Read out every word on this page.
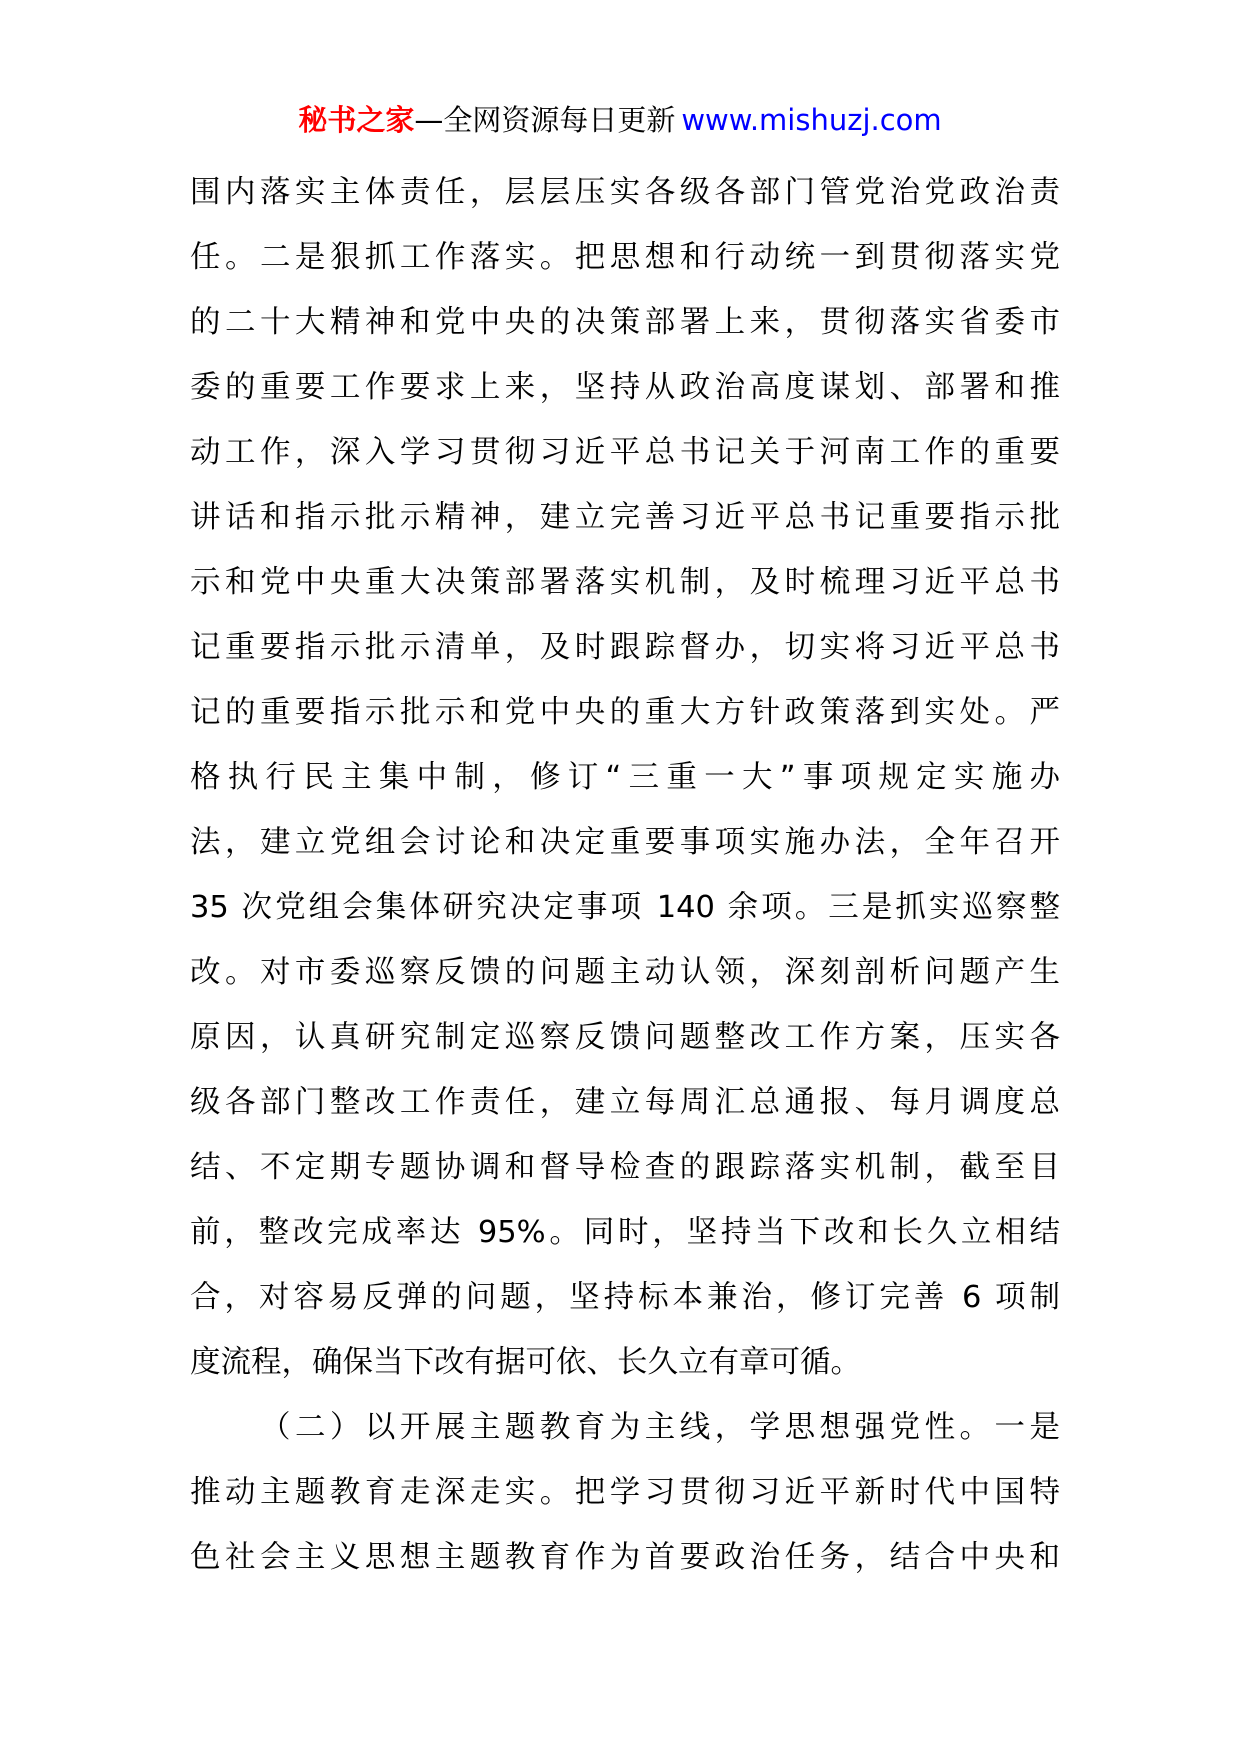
秘书之家—全网资源每日更新 www.mishuzj.com
围内落实主体责任，层层压实各级各部门管党治党政治责
任。二是狠抓工作落实。把思想和行动统一到贯彻落实党
的二十大精神和党中央的决策部署上来，贯彻落实省委市
委的重要工作要求上来，坚持从政治高度谋划、部署和推
动工作，深入学习贯彻习近平总书记关于河南工作的重要
讲话和指示批示精神，建立完善习近平总书记重要指示批
示和党中央重大决策部署落实机制，及时梳理习近平总书
记重要指示批示清单，及时跟踪督办，切实将习近平总书
记的重要指示批示和党中央的重大方针政策落到实处。严
格执行民主集中制，修订“三重一大”事项规定实施办
法，建立党组会讨论和决定重要事项实施办法，全年召开
35 次党组会集体研究决定事项 140 余项。三是抓实巡察整
改。对市委巡察反馈的问题主动认领，深刻剖析问题产生
原因，认真研究制定巡察反馈问题整改工作方案，压实各
级各部门整改工作责任，建立每周汇总通报、每月调度总
结、不定期专题协调和督导检查的跟踪落实机制，截至目
前，整改完成率达 95%。同时，坚持当下改和长久立相结
合，对容易反弹的问题，坚持标本兼治，修订完善 6 项制
度流程，确保当下改有据可依、长久立有章可循。
（二）以开展主题教育为主线，学思想强党性。一是
推动主题教育走深走实。把学习贯彻习近平新时代中国特
色社会主义思想主题教育作为首要政治任务，结合中央和
